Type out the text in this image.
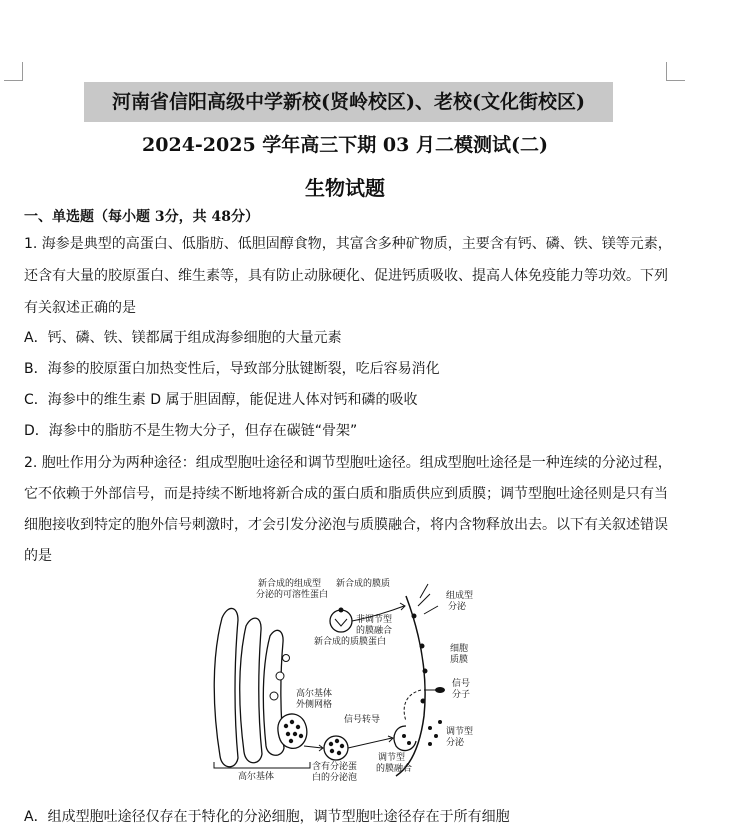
河南省信阳高级中学新校(贤岭校区)、老校(文化街校区)
2024-2025 学年高三下期 03 月二模测试(二)
生物试题
一、单选题（每小题 3分，共 48分）
1. 海参是典型的高蛋白、低脂肪、低胆固醇食物，其富含多种矿物质，主要含有钙、磷、铁、镁等元素，
还含有大量的胶原蛋白、维生素等，具有防止动脉硬化、促进钙质吸收、提高人体免疫能力等功效。下列
有关叙述正确的是
A．钙、磷、铁、镁都属于组成海参细胞的大量元素
B．海参的胶原蛋白加热变性后，导致部分肽键断裂，吃后容易消化
C．海参中的维生素 D 属于胆固醇，能促进人体对钙和磷的吸收
D．海参中的脂肪不是生物大分子，但存在碳链“骨架”
2. 胞吐作用分为两种途径：组成型胞吐途径和调节型胞吐途径。组成型胞吐途径是一种连续的分泌过程，
它不依赖于外部信号，而是持续不断地将新合成的蛋白质和脂质供应到质膜；调节型胞吐途径则是只有当
细胞接收到特定的胞外信号刺激时，才会引发分泌泡与质膜融合，将内含物释放出去。以下有关叙述错误
的是
新合成的组成型
分泌的可溶性蛋白
新合成的膜质
非调节型
的膜融合
新合成的质膜蛋白
组成型
分泌
细胞
质膜
高尔基体
外侧网格
信号
分子
信号转导
调节型
分泌
调节型
的膜融合
含有分泌蛋
白的分泌泡
高尔基体
A．组成型胞吐途径仅存在于特化的分泌细胞，调节型胞吐途径存在于所有细胞
